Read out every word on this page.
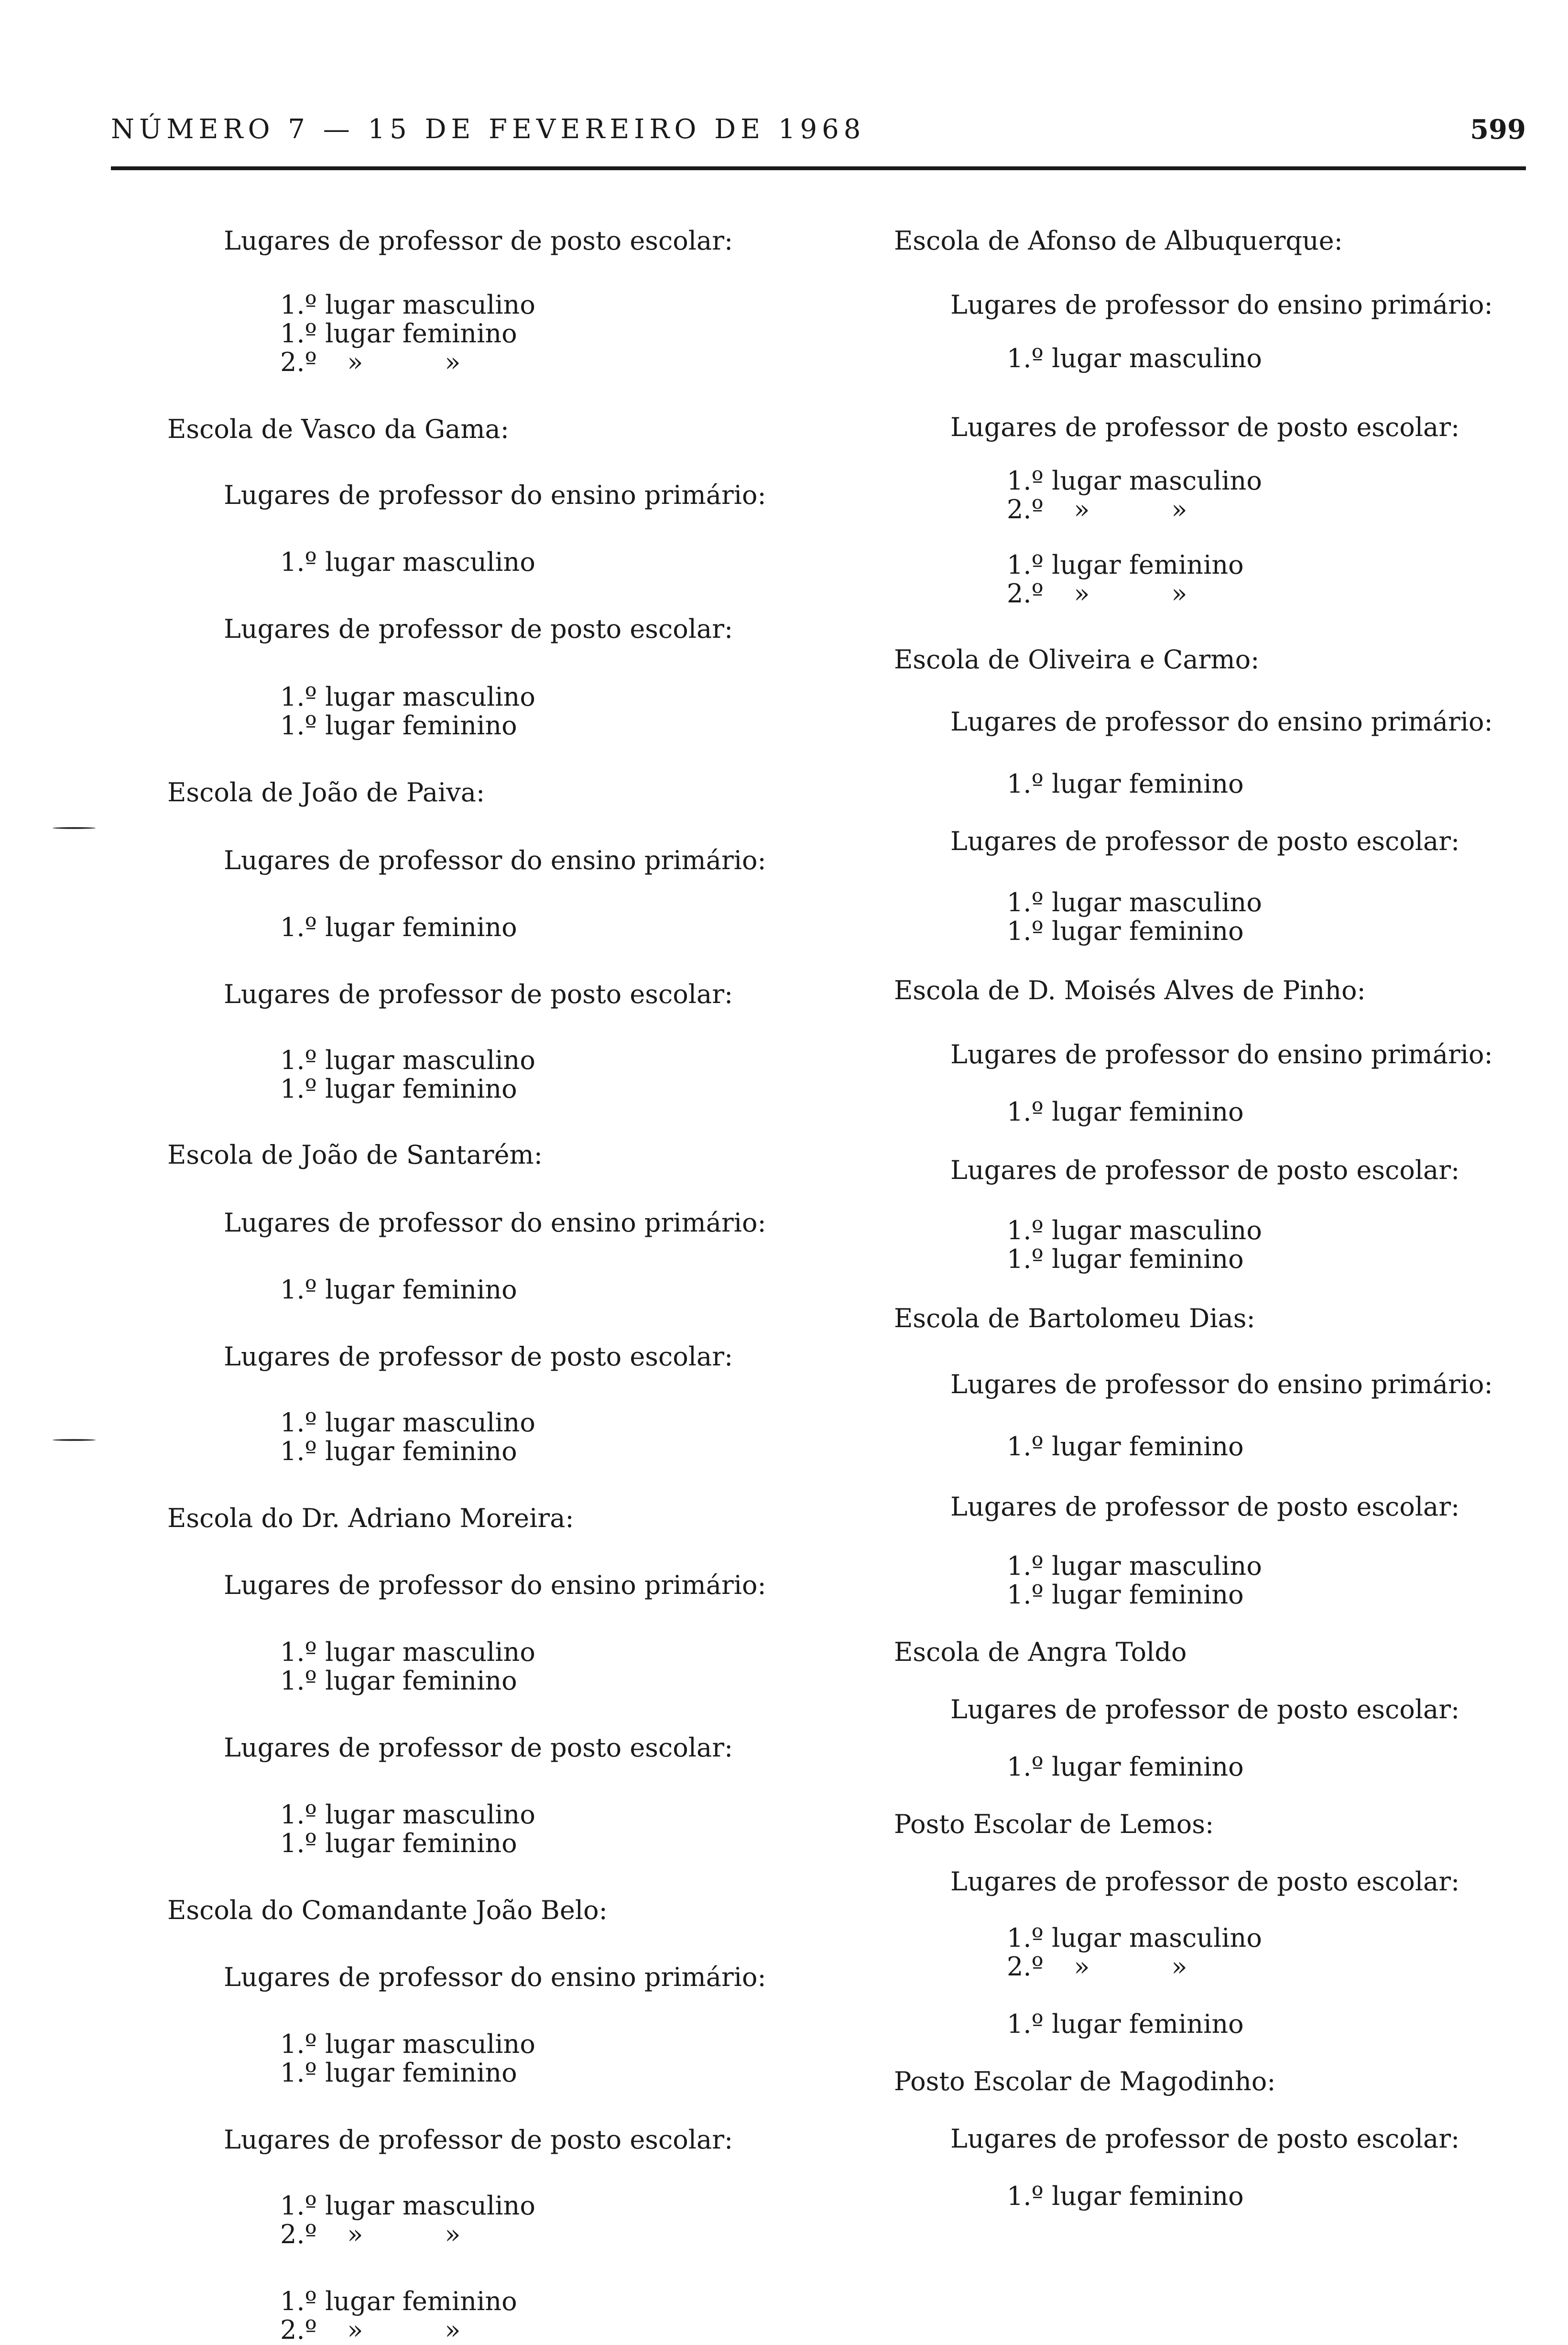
NÚMERO 7 — 15 DE FEVEREIRO DE 1968	599
Lugares de professor de posto escolar:
1.º lugar masculino
1.º lugar feminino
2.º »	»
Escola de Vasco da Gama:
Lugares de professor do ensino primário:
1.º lugar masculino
Lugares de professor de posto escolar:
1.º lugar masculino
1.º lugar feminino
Escola de João de Paiva:
Lugares de professor do ensino primário:
1.º lugar feminino
Lugares de professor de posto escolar:
1.º lugar masculino
1.º lugar feminino
Escola de João de Santarém:
Lugares de professor do ensino primário:
1.º lugar feminino
Lugares de professor de posto escolar:
1.º lugar masculino
1.º lugar feminino
Escola do Dr. Adriano Moreira:
Lugares de professor do ensino primário:
1.º lugar masculino
1.º lugar feminino
Lugares de professor de posto escolar:
1.º lugar masculino
1.º lugar feminino
Escola do Comandante João Belo:
Lugares de professor do ensino primário:
1.º lugar masculino
1.º lugar feminino
Lugares de professor de posto escolar:
1.º lugar masculino
2.º »	»
1.º lugar feminino
2.º »	»
Escola de Afonso de Albuquerque:
Lugares de professor do ensino primário:
1.º lugar masculino
Lugares de professor de posto escolar:
1.º lugar masculino
2.º »	»
1.º lugar feminino
2.º »	»
Escola de Oliveira e Carmo:
Lugares de professor do ensino primário:
1.º lugar feminino
Lugares de professor de posto escolar:
1.º lugar masculino
1.º lugar feminino
Escola de D. Moisés Alves de Pinho:
Lugares de professor do ensino primário:
1.º lugar feminino
Lugares de professor de posto escolar:
1.º lugar masculino
1.º lugar feminino
Escola de Bartolomeu Dias:
Lugares de professor do ensino primário:
1.º lugar feminino
Lugares de professor de posto escolar:
1.º lugar masculino
1.º lugar feminino
Escola de Angra Toldo
Lugares de professor de posto escolar:
1.º lugar feminino
Posto Escolar de Lemos:
Lugares de professor de posto escolar:
1.º lugar masculino
2.º »	»
1.º lugar feminino
Posto Escolar de Magodinho:
Lugares de professor de posto escolar:
1.º lugar feminino
